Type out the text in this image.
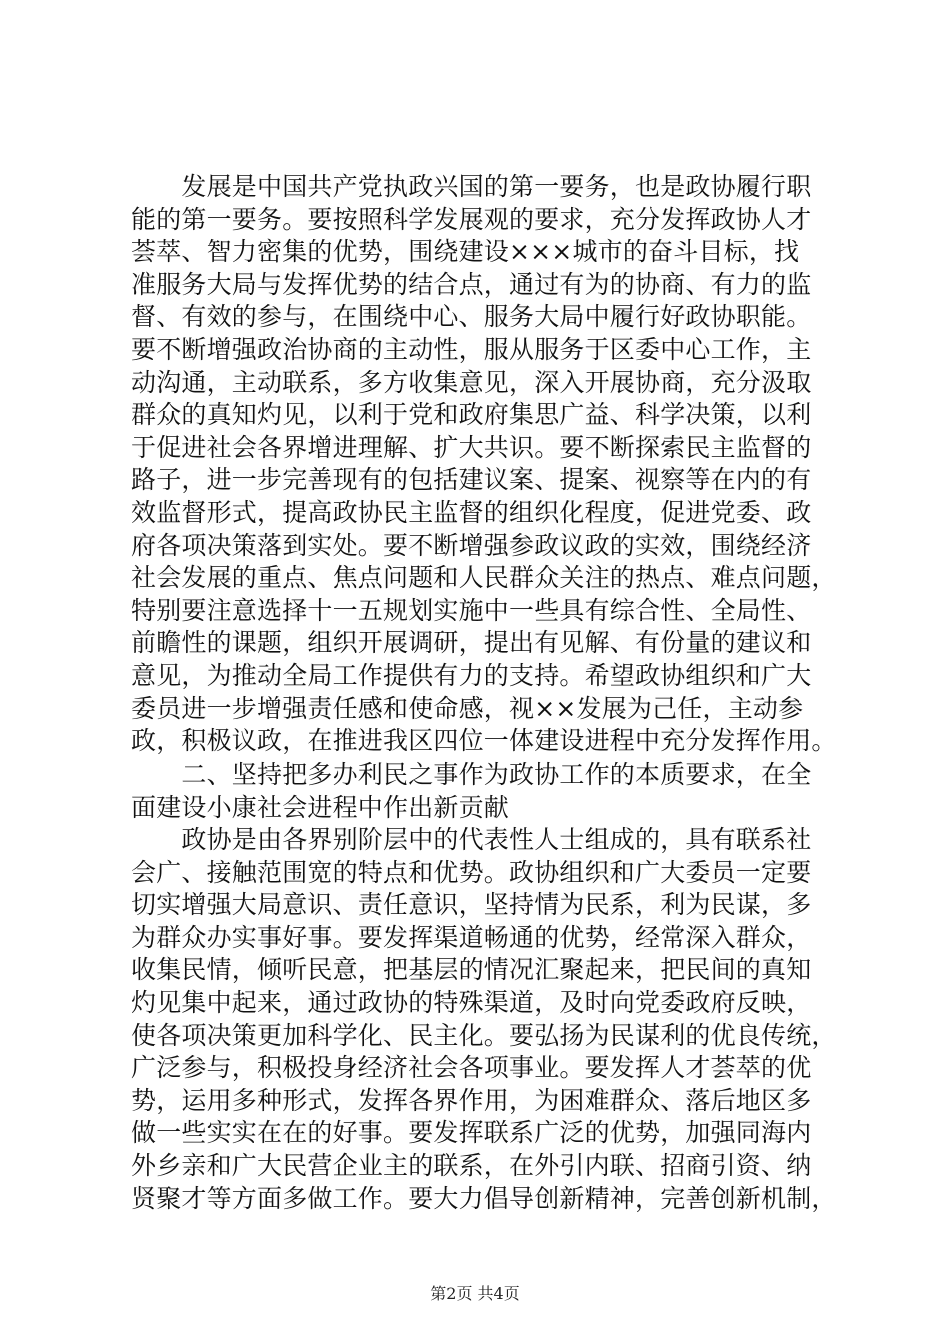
　　发展是中国共产党执政兴国的第一要务，也是政协履行职
能的第一要务。要按照科学发展观的要求，充分发挥政协人才
荟萃、智力密集的优势，围绕建设×××城市的奋斗目标，找
准服务大局与发挥优势的结合点，通过有为的协商、有力的监
督、有效的参与，在围绕中心、服务大局中履行好政协职能。
要不断增强政治协商的主动性，服从服务于区委中心工作，主
动沟通，主动联系，多方收集意见，深入开展协商，充分汲取
群众的真知灼见，以利于党和政府集思广益、科学决策，以利
于促进社会各界增进理解、扩大共识。要不断探索民主监督的
路子，进一步完善现有的包括建议案、提案、视察等在内的有
效监督形式，提高政协民主监督的组织化程度，促进党委、政
府各项决策落到实处。要不断增强参政议政的实效，围绕经济
社会发展的重点、焦点问题和人民群众关注的热点、难点问题，
特别要注意选择十一五规划实施中一些具有综合性、全局性、
前瞻性的课题，组织开展调研，提出有见解、有份量的建议和
意见，为推动全局工作提供有力的支持。希望政协组织和广大
委员进一步增强责任感和使命感，视××发展为己任，主动参
政，积极议政，在推进我区四位一体建设进程中充分发挥作用。
　　二、坚持把多办利民之事作为政协工作的本质要求，在全
面建设小康社会进程中作出新贡献
　　政协是由各界别阶层中的代表性人士组成的，具有联系社
会广、接触范围宽的特点和优势。政协组织和广大委员一定要
切实增强大局意识、责任意识，坚持情为民系，利为民谋，多
为群众办实事好事。要发挥渠道畅通的优势，经常深入群众，
收集民情，倾听民意，把基层的情况汇聚起来，把民间的真知
灼见集中起来，通过政协的特殊渠道，及时向党委政府反映，
使各项决策更加科学化、民主化。要弘扬为民谋利的优良传统，
广泛参与，积极投身经济社会各项事业。要发挥人才荟萃的优
势，运用多种形式，发挥各界作用，为困难群众、落后地区多
做一些实实在在的好事。要发挥联系广泛的优势，加强同海内
外乡亲和广大民营企业主的联系，在外引内联、招商引资、纳
贤聚才等方面多做工作。要大力倡导创新精神，完善创新机制，
第2页 共4页
